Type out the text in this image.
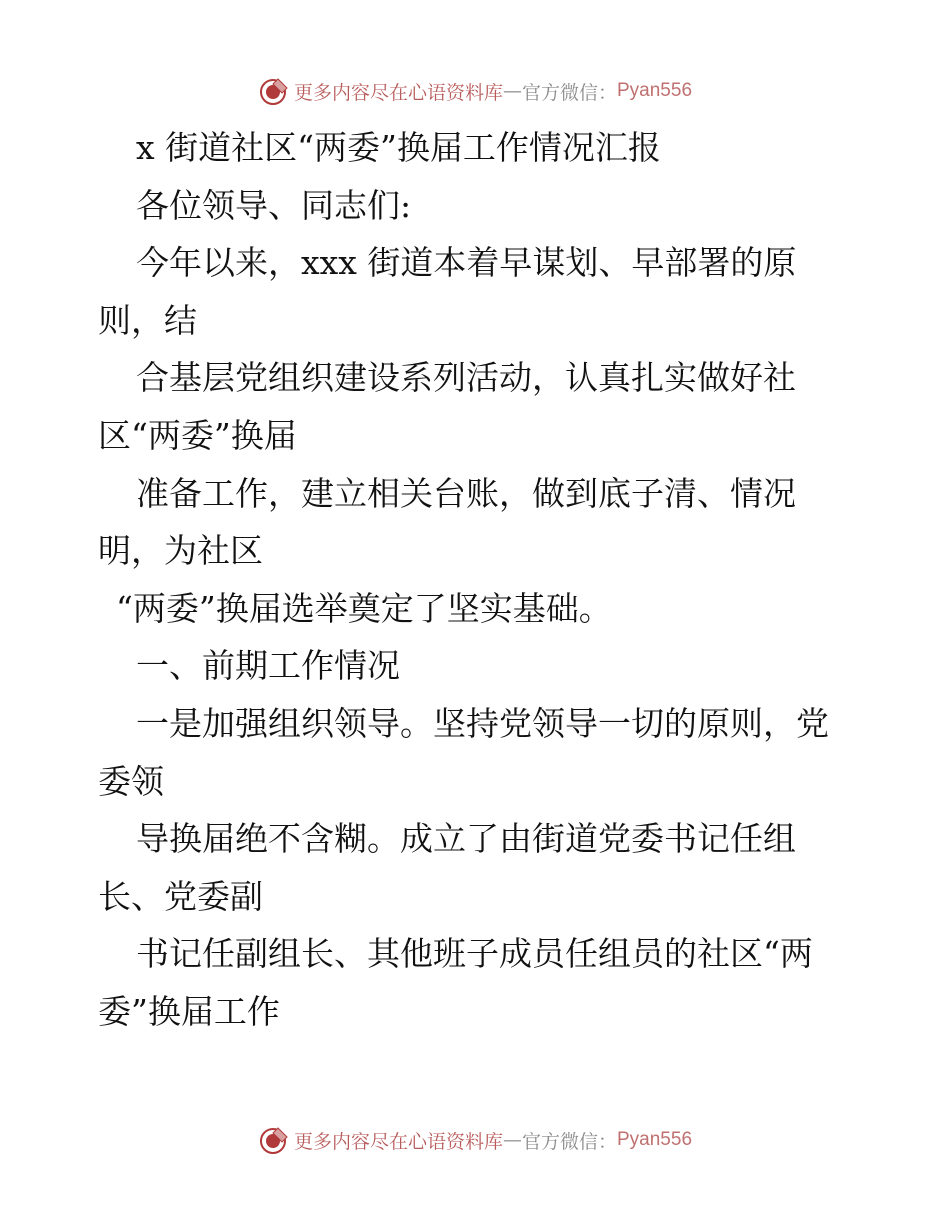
更多内容尽在心语资料库 — 官方微信： Pyan556
x 街道社区“两委”换届工作情况汇报
各位领导、同志们:
今年以来，xxx 街道本着早谋划、早部署的原
则，结
合基层党组织建设系列活动，认真扎实做好社
区“两委”换届
准备工作，建立相关台账，做到底子清、情况
明，为社区
“两委”换届选举奠定了坚实基础。
一、前期工作情况
一是加强组织领导。坚持党领导一切的原则，党
委领
导换届绝不含糊。成立了由街道党委书记任组
长、党委副
书记任副组长、其他班子成员任组员的社区“两
委”换届工作
更多内容尽在心语资料库 — 官方微信： Pyan556
